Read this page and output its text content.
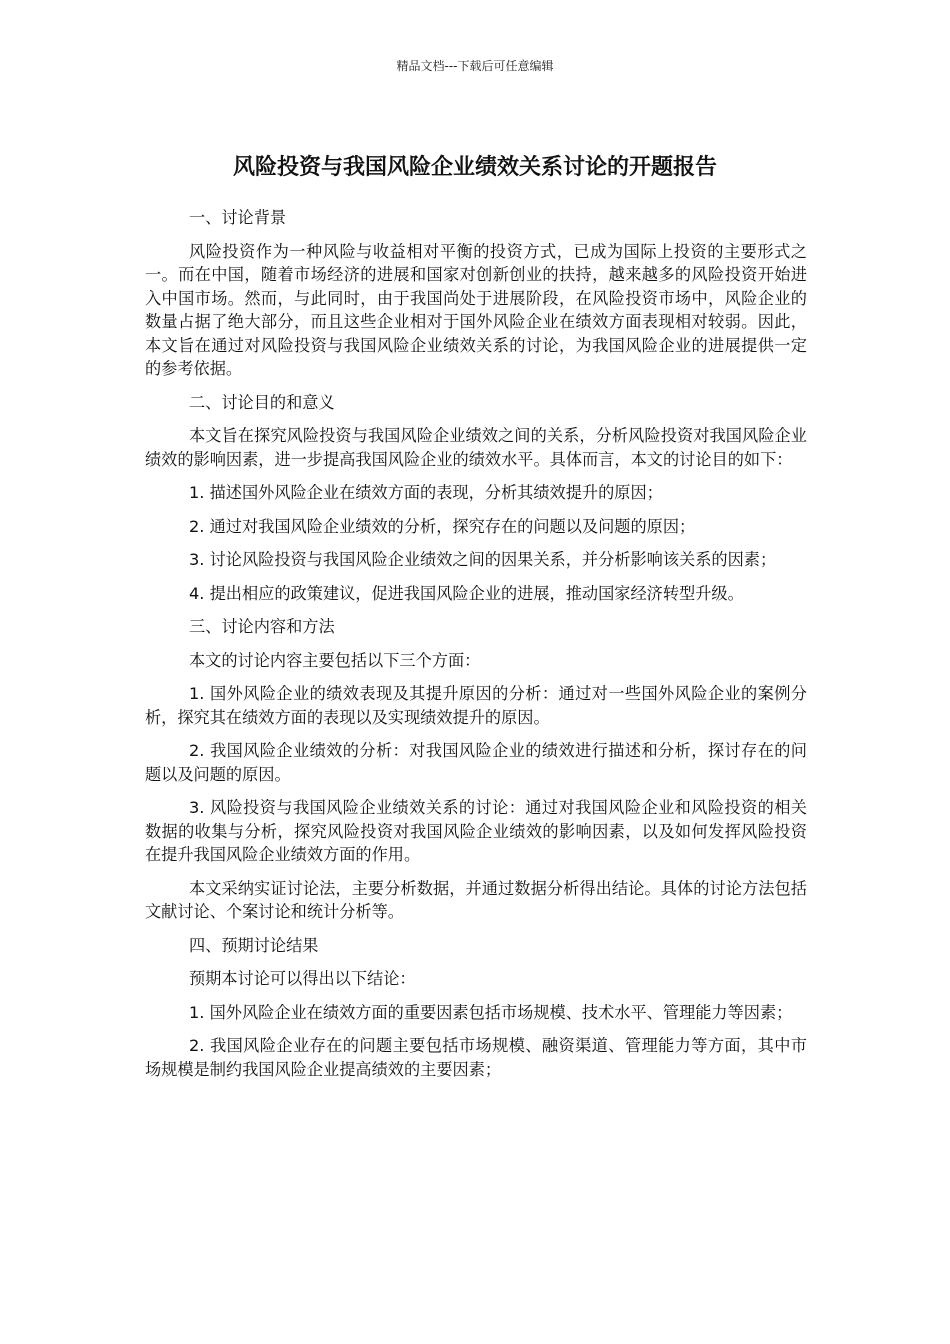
精品文档---下载后可任意编辑
风险投资与我国风险企业绩效关系讨论的开题报告

一、讨论背景

风险投资作为一种风险与收益相对平衡的投资方式，已成为国际上投资的主要形式之一。而在中国，随着市场经济的进展和国家对创新创业的扶持，越来越多的风险投资开始进入中国市场。然而，与此同时，由于我国尚处于进展阶段，在风险投资市场中，风险企业的数量占据了绝大部分，而且这些企业相对于国外风险企业在绩效方面表现相对较弱。因此，本文旨在通过对风险投资与我国风险企业绩效关系的讨论，为我国风险企业的进展提供一定的参考依据。

二、讨论目的和意义

本文旨在探究风险投资与我国风险企业绩效之间的关系，分析风险投资对我国风险企业绩效的影响因素，进一步提高我国风险企业的绩效水平。具体而言，本文的讨论目的如下：

1. 描述国外风险企业在绩效方面的表现，分析其绩效提升的原因；

2. 通过对我国风险企业绩效的分析，探究存在的问题以及问题的原因；

3. 讨论风险投资与我国风险企业绩效之间的因果关系，并分析影响该关系的因素；

4. 提出相应的政策建议，促进我国风险企业的进展，推动国家经济转型升级。

三、讨论内容和方法

本文的讨论内容主要包括以下三个方面：

1. 国外风险企业的绩效表现及其提升原因的分析：通过对一些国外风险企业的案例分析，探究其在绩效方面的表现以及实现绩效提升的原因。

2. 我国风险企业绩效的分析：对我国风险企业的绩效进行描述和分析，探讨存在的问题以及问题的原因。

3. 风险投资与我国风险企业绩效关系的讨论：通过对我国风险企业和风险投资的相关数据的收集与分析，探究风险投资对我国风险企业绩效的影响因素，以及如何发挥风险投资在提升我国风险企业绩效方面的作用。

本文采纳实证讨论法，主要分析数据，并通过数据分析得出结论。具体的讨论方法包括文献讨论、个案讨论和统计分析等。

四、预期讨论结果

预期本讨论可以得出以下结论：

1. 国外风险企业在绩效方面的重要因素包括市场规模、技术水平、管理能力等因素；

2. 我国风险企业存在的问题主要包括市场规模、融资渠道、管理能力等方面，其中市场规模是制约我国风险企业提高绩效的主要因素；
